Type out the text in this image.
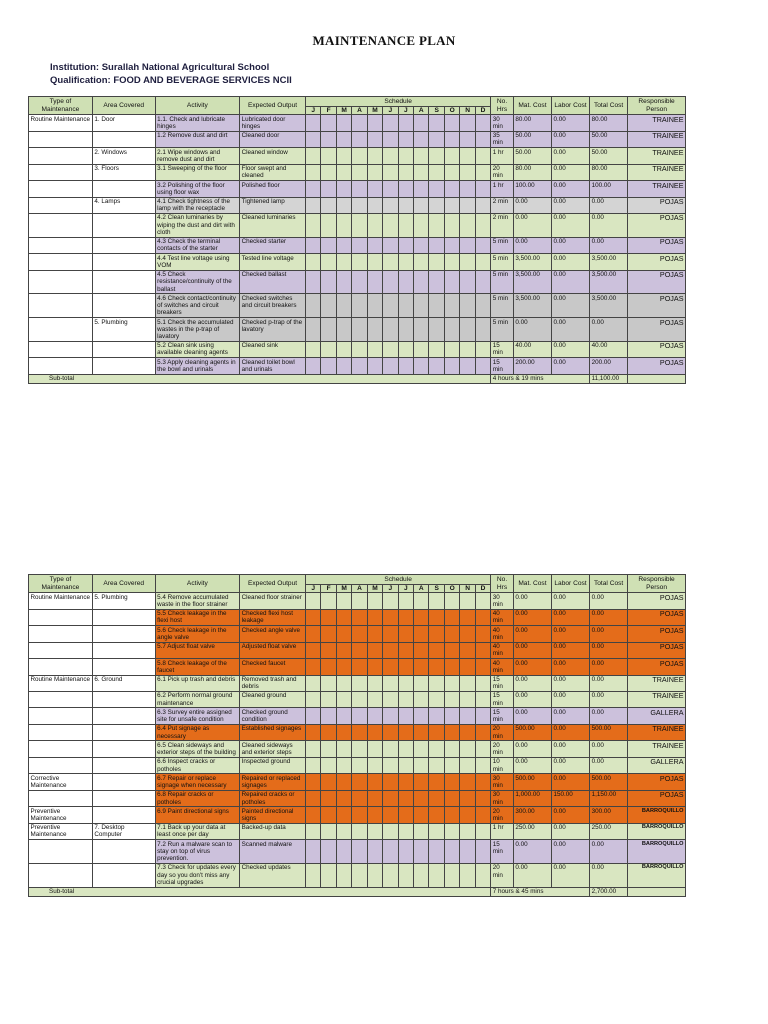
MAINTENANCE PLAN
Institution: Surallah National Agricultural School
Qualification: FOOD AND BEVERAGE SERVICES NCII
Type of Maintenance	Area Covered	Activity	Expected Output	Schedule												No. Hrs	Mat. Cost	Labor Cost	Total Cost	Responsible Person
				J	F	M	A	M	J	J	A	S	O	N	D					
Routine Maintenance	1. Door	1.1. Check and lubricate hinges	Lubricated door hinges													30 min	80.00	0.00	80.00	TRAINEE
		1.2 Remove dust and dirt	Cleaned door													35 min	50.00	0.00	50.00	TRAINEE
	2. Windows	2.1 Wipe windows and remove dust and dirt	Cleaned window													1 hr	50.00	0.00	50.00	TRAINEE
	3. Floors	3.1 Sweeping of the floor	Floor swept and cleaned													20 min	80.00	0.00	80.00	TRAINEE
		3.2 Polishing of the floor using floor wax	Polished floor													1 hr	100.00	0.00	100.00	TRAINEE
	4. Lamps	4.1 Check tightness of the lamp with the receptacle	Tightened lamp													2 min	0.00	0.00	0.00	POJAS
		4.2 Clean luminaries by wiping the dust and dirt with cloth	Cleaned luminaries													2 min	0.00	0.00	0.00	POJAS
		4.3 Check the terminal contacts of the starter	Checked starter													5 min	0.00	0.00	0.00	POJAS
		4.4 Test line voltage using VOM	Tested line voltage													5 min	3,500.00	0.00	3,500.00	POJAS
		4.5 Check resistance/continuity of the ballast	Checked ballast													5 min	3,500.00	0.00	3,500.00	POJAS
		4.6 Check contact/continuity of switches and circuit breakers	Checked switches and circuit breakers													5 min	3,500.00	0.00	3,500.00	POJAS
	5. Plumbing	5.1 Check the accumulated wastes in the p-trap of lavatory	Checked p-trap of the lavatory													5 min	0.00	0.00	0.00	POJAS
		5.2 Clean sink using available cleaning agents	Cleaned sink													15 min	40.00	0.00	40.00	POJAS
		5.3 Apply cleaning agents in the bowl and urinals	Cleaned toilet bowl and urinals													15 min	200.00	0.00	200.00	POJAS
Sub-total																4 hours & 19 mins			11,100.00	
Type of Maintenance	Area Covered	Activity	Expected Output	Schedule												No. Hrs	Mat. Cost	Labor Cost	Total Cost	Responsible Person
				J	F	M	A	M	J	J	A	S	O	N	D					
Routine Maintenance	5. Plumbing	5.4 Remove accumulated waste in the floor strainer	Cleaned floor strainer													30 min	0.00	0.00	0.00	POJAS
		5.5 Check leakage in the flexi host	Checked flexi host leakage													40 min	0.00	0.00	0.00	POJAS
		5.6 Check leakage in the angle valve	Checked angle valve													40 min	0.00	0.00	0.00	POJAS
		5.7 Adjust float valve	Adjusted float valve													40 min	0.00	0.00	0.00	POJAS
		5.8 Check leakage of the faucet	Checked faucet													40 min	0.00	0.00	0.00	POJAS
Routine Maintenance	6. Ground	6.1 Pick up trash and debris	Removed trash and debris													15 min	0.00	0.00	0.00	TRAINEE
		6.2 Perform normal ground maintenance	Cleaned ground													15 min	0.00	0.00	0.00	TRAINEE
		6.3 Survey entire assigned site for unsafe condition	Checked ground condition													15 min	0.00	0.00	0.00	GALLERA
		6.4 Put signage as necessary	Established signages													20 min	500.00	0.00	500.00	TRAINEE
		6.5 Clean sideways and exterior steps of the building	Cleaned sideways and exterior steps													20 min	0.00	0.00	0.00	TRAINEE
		6.6 Inspect cracks or potholes	Inspected ground													10 min	0.00	0.00	0.00	GALLERA
Corrective Maintenance		6.7 Repair or replace signage when necessary	Repaired or replaced signages													30 min	500.00	0.00	500.00	POJAS
		6.8 Repair cracks or potholes	Repaired cracks or potholes													30 min	1,000.00	150.00	1,150.00	POJAS
Preventive Maintenance		6.9 Paint directional signs	Painted directional signs													20 min	300.00	0.00	300.00	BARROQUILLO
Preventive Maintenance	7. Desktop Computer	7.1 Back up your data at least once per day	Backed-up data													1 hr	250.00	0.00	250.00	BARROQUILLO
		7.2 Run a malware scan to stay on top of virus prevention.	Scanned malware													15 min	0.00	0.00	0.00	BARROQUILLO
		7.3 Check for updates every day so you don't miss any crucial upgrades	Checked updates													20 min	0.00	0.00	0.00	BARROQUILLO
Sub-total																7 hours & 45 mins			2,700.00	
